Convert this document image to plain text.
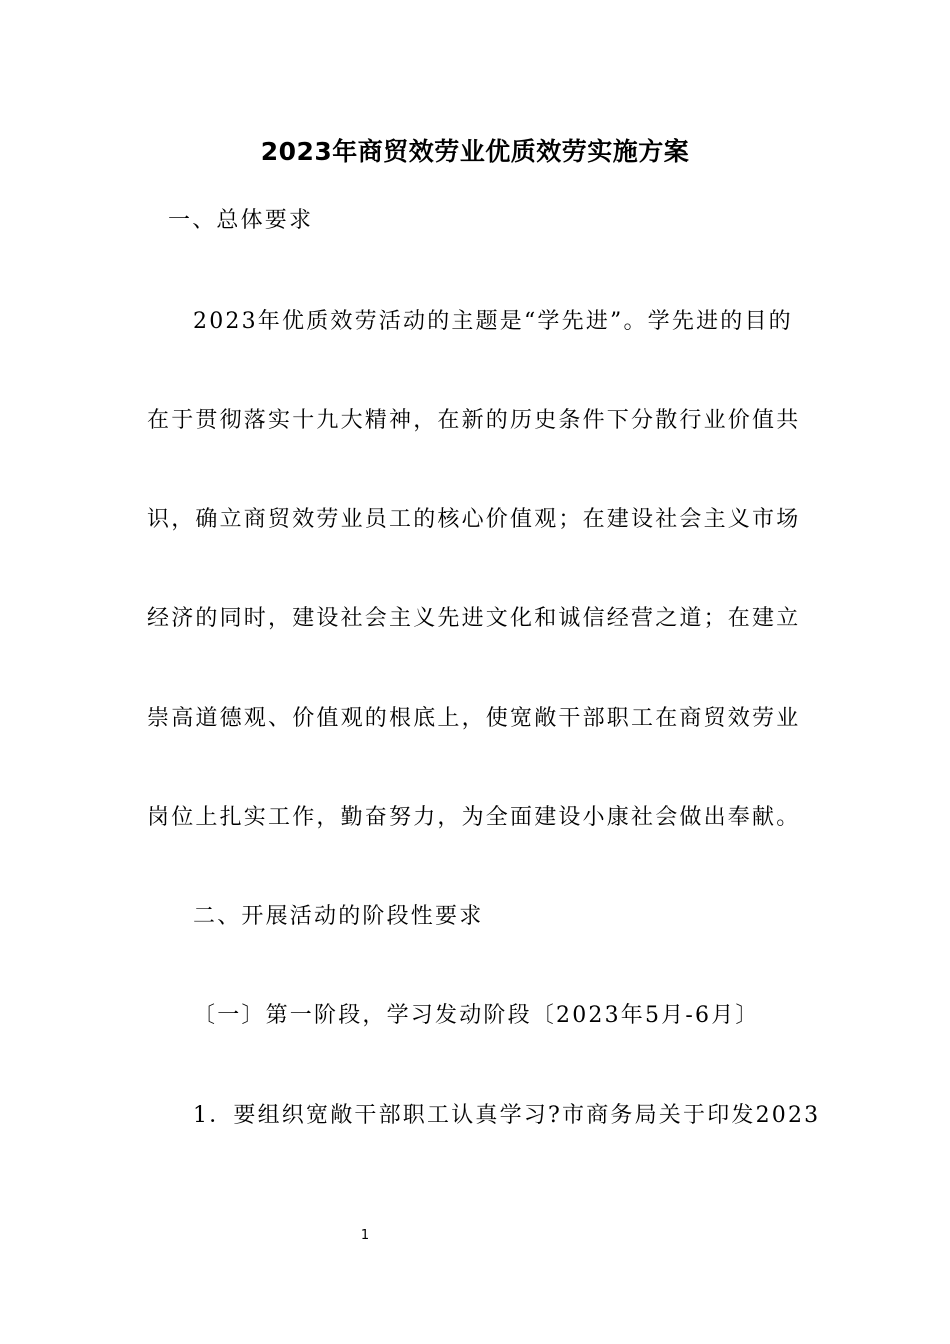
2023年商贸效劳业优质效劳实施方案

一、总体要求

2023年优质效劳活动的主题是“学先进”。学先进的目的

在于贯彻落实十九大精神，在新的历史条件下分散行业价值共

识，确立商贸效劳业员工的核心价值观；在建设社会主义市场

经济的同时，建设社会主义先进文化和诚信经营之道；在建立

崇高道德观、价值观的根底上，使宽敞干部职工在商贸效劳业

岗位上扎实工作，勤奋努力，为全面建设小康社会做出奉献。

二、开展活动的阶段性要求

〔一〕第一阶段，学习发动阶段〔2023年5月-6月〕

1．要组织宽敞干部职工认真学习?市商务局关于印发2023

1
